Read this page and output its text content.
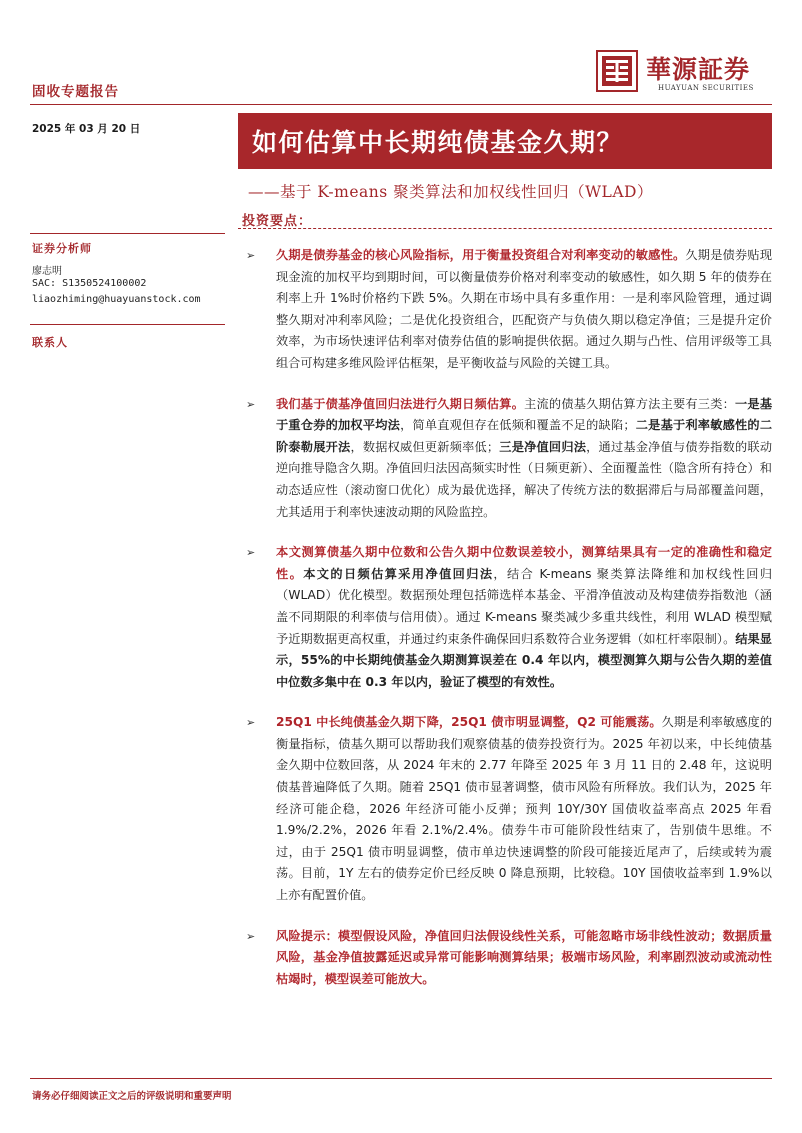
固收专题报告
華源証券
HUAYUAN SECURITIES
2025 年 03 月 20 日	如何估算中长期纯债基金久期？
——基于 K-means 聚类算法和加权线性回归（WLAD）
投资要点：
证券分析师
廖志明
SAC: S1350524100002
liaozhiming@huayuanstock.com
联系人
➢ 久期是债券基金的核心风险指标，用于衡量投资组合对利率变动的敏感性。久期是债券贴现现金流的加权平均到期时间，可以衡量债券价格对利率变动的敏感性，如久期 5 年的债券在利率上升 1%时价格约下跌 5%。久期在市场中具有多重作用：一是利率风险管理，通过调整久期对冲利率风险；二是优化投资组合，匹配资产与负债久期以稳定净值；三是提升定价效率，为市场快速评估利率对债券估值的影响提供依据。通过久期与凸性、信用评级等工具组合可构建多维风险评估框架，是平衡收益与风险的关键工具。
➢ 我们基于债基净值回归法进行久期日频估算。主流的债基久期估算方法主要有三类：一是基于重仓券的加权平均法，简单直观但存在低频和覆盖不足的缺陷；二是基于利率敏感性的二阶泰勒展开法，数据权威但更新频率低；三是净值回归法，通过基金净值与债券指数的联动逆向推导隐含久期。净值回归法因高频实时性（日频更新）、全面覆盖性（隐含所有持仓）和动态适应性（滚动窗口优化）成为最优选择，解决了传统方法的数据滞后与局部覆盖问题，尤其适用于利率快速波动期的风险监控。
➢ 本文测算债基久期中位数和公告久期中位数误差较小，测算结果具有一定的准确性和稳定性。本文的日频估算采用净值回归法，结合 K-means 聚类算法降维和加权线性回归（WLAD）优化模型。数据预处理包括筛选样本基金、平滑净值波动及构建债券指数池（涵盖不同期限的利率债与信用债）。通过 K-means 聚类减少多重共线性，利用 WLAD 模型赋予近期数据更高权重，并通过约束条件确保回归系数符合业务逻辑（如杠杆率限制）。结果显示，55%的中长期纯债基金久期测算误差在 0.4 年以内，模型测算久期与公告久期的差值中位数多集中在 0.3 年以内，验证了模型的有效性。
➢ 25Q1 中长纯债基金久期下降，25Q1 债市明显调整，Q2 可能震荡。久期是利率敏感度的衡量指标，债基久期可以帮助我们观察债基的债券投资行为。2025 年初以来，中长纯债基金久期中位数回落，从 2024 年末的 2.77 年降至 2025 年 3 月 11 日的 2.48 年，这说明债基普遍降低了久期。随着 25Q1 债市显著调整，债市风险有所释放。我们认为，2025 年经济可能企稳，2026 年经济可能小反弹；预判 10Y/30Y 国债收益率高点 2025 年看 1.9%/2.2%，2026 年看 2.1%/2.4%。债券牛市可能阶段性结束了，告别债牛思维。不过，由于 25Q1 债市明显调整，债市单边快速调整的阶段可能接近尾声了，后续或转为震荡。目前，1Y 左右的债券定价已经反映 0 降息预期，比较稳。10Y 国债收益率到 1.9%以上亦有配置价值。
➢ 风险提示：模型假设风险，净值回归法假设线性关系，可能忽略市场非线性波动；数据质量风险，基金净值披露延迟或异常可能影响测算结果；极端市场风险，利率剧烈波动或流动性枯竭时，模型误差可能放大。
请务必仔细阅读正文之后的评级说明和重要声明
